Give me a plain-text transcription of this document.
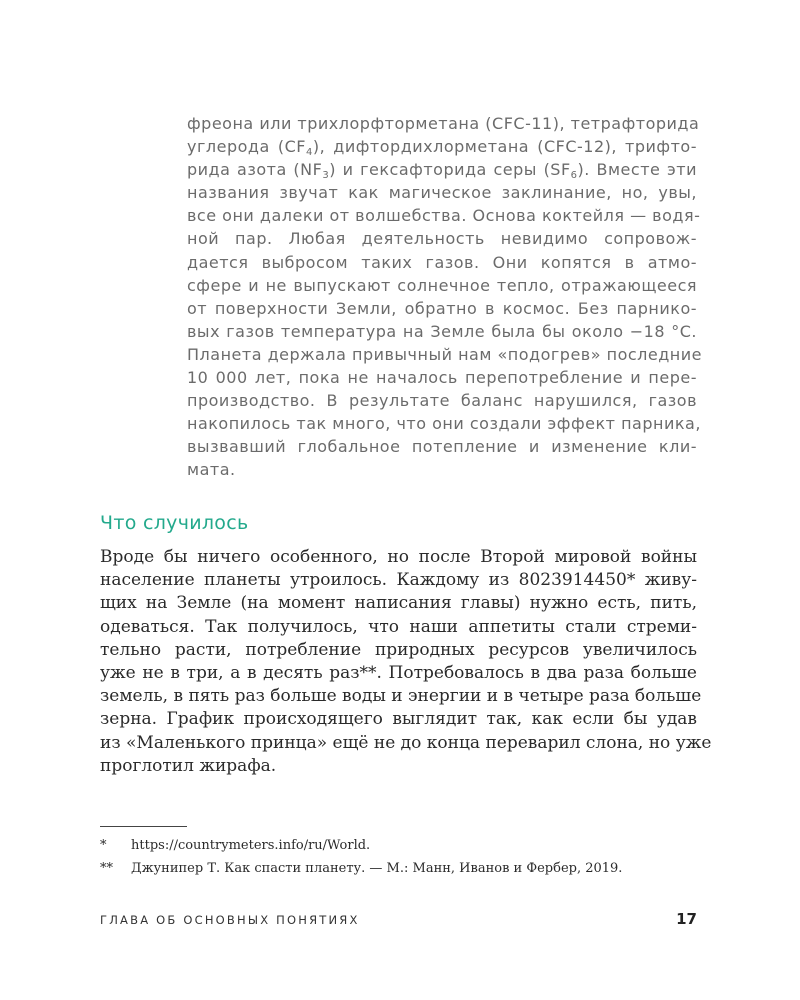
фреона или трихлорфторметана (CFC-11), тетрафторида
углерода $(CF_4)$, дифтордихлорметана (CFC-12), трифто-
рида азота $(NF_3)$ и гексафторида серы $(SF_6)$. Вместе эти
названия звучат как магическое заклинание, но, увы,
все они далеки от волшебства. Основа коктейля — водя-
ной пар. Любая деятельность невидимо сопровож-
дается выбросом таких газов. Они копятся в атмо-
сфере и не выпускают солнечное тепло, отражающееся
от поверхности Земли, обратно в космос. Без парнико-
вых газов температура на Земле была бы около −18 °С.
Планета держала привычный нам «подогрев» последние
10 000 лет, пока не началось перепотребление и пере-
производство. В результате баланс нарушился, газов
накопилось так много, что они создали эффект парника,
вызвавший глобальное потепление и изменение кли-
мата.
Что случилось
Вроде бы ничего особенного, но после Второй мировой войны
население планеты утроилось. Каждому из 8023914450* живу-
щих на Земле (на момент написания главы) нужно есть, пить,
одеваться. Так получилось, что наши аппетиты стали стреми-
тельно расти, потребление природных ресурсов увеличилось
уже не в три, а в десять раз**. Потребовалось в два раза больше
земель, в пять раз больше воды и энергии и в четыре раза больше
зерна. График происходящего выглядит так, как если бы удав
из «Маленького принца» ещё не до конца переварил слона, но уже
проглотил жирафа.
* https://countrymeters.info/ru/World.
** Джунипер Т. Как спасти планету. — М.: Манн, Иванов и Фербер, 2019.
ГЛАВА ОБ ОСНОВНЫХ ПОНЯТИЯХ	17
